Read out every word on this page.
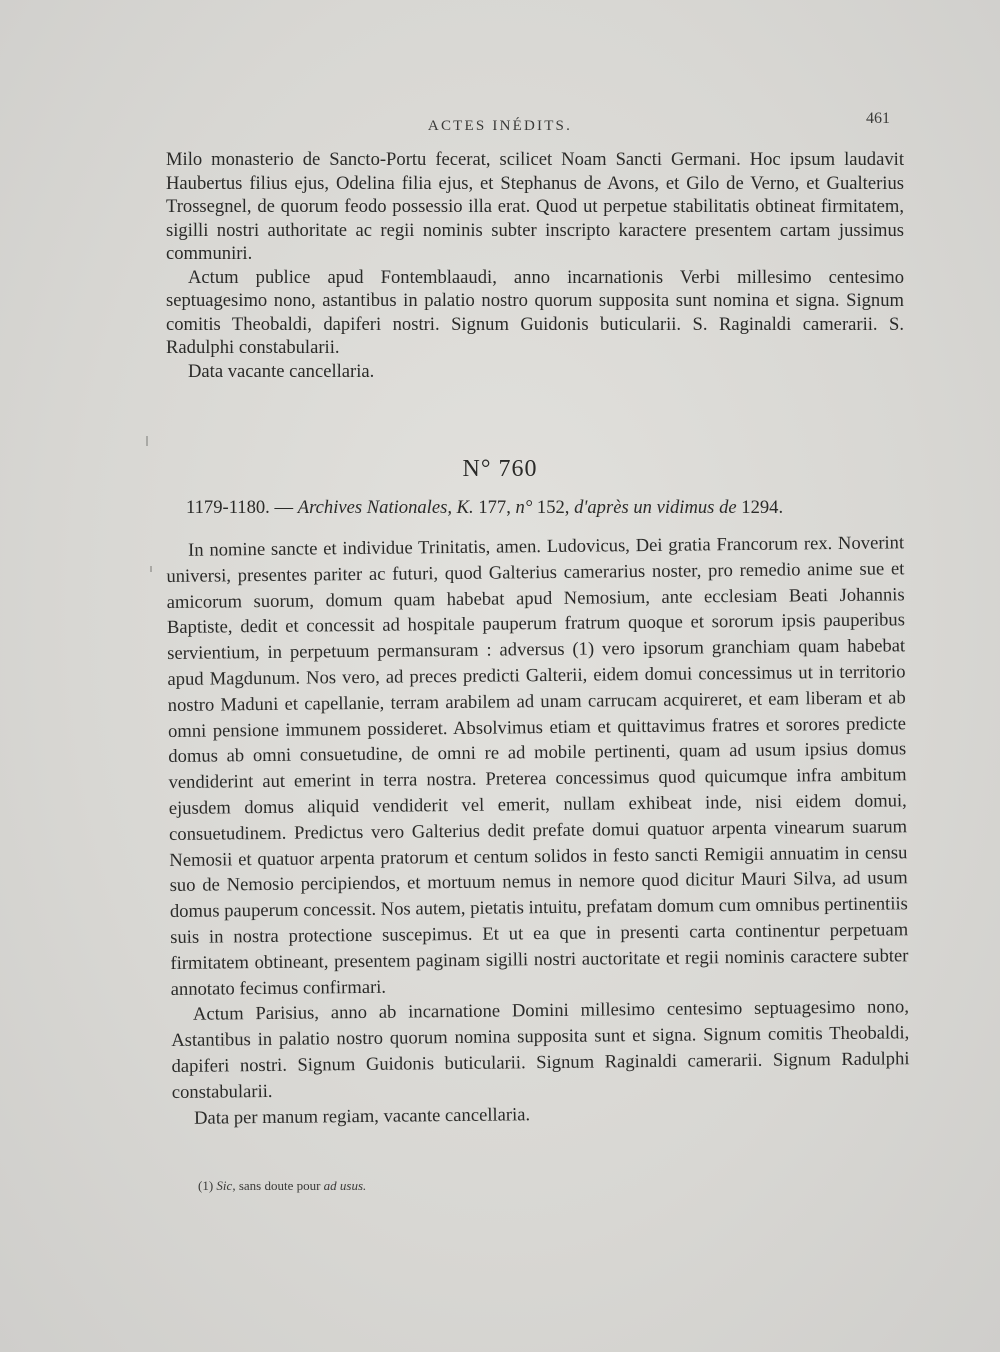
ACTES INÉDITS.	461

Milo monasterio de Sancto-Portu fecerat, scilicet Noam Sancti Germani. Hoc ipsum laudavit Haubertus filius ejus, Odelina filia ejus, et Stephanus de Avons, et Gilo de Verno, et Gualterius Trossegnel, de quorum feodo possessio illa erat. Quod ut perpetue stabilitatis obtineat firmitatem, sigilli nostri authoritate ac regii nominis subter inscripto karactere presentem cartam jussimus communiri.

Actum publice apud Fontemblaaudi, anno incarnationis Verbi millesimo centesimo septuagesimo nono, astantibus in palatio nostro quorum supposita sunt nomina et signa. Signum comitis Theobaldi, dapiferi nostri. Signum Guidonis buticularii. S. Raginaldi camerarii. S. Radulphi constabularii.

Data vacante cancellaria.

N° 760
1179-1180. — Archives Nationales, K. 177, n° 152, d'après un vidimus de 1294.

In nomine sancte et individue Trinitatis, amen. Ludovicus, Dei gratia Francorum rex. Noverint universi, presentes pariter ac futuri, quod Galterius camerarius noster, pro remedio anime sue et amicorum suorum, domum quam habebat apud Nemosium, ante ecclesiam Beati Johannis Baptiste, dedit et concessit ad hospitale pauperum fratrum quoque et sororum ipsis pauperibus servientium, in perpetuum permansuram : adversus (1) vero ipsorum granchiam quam habebat apud Magdunum. Nos vero, ad preces predicti Galterii, eidem domui concessimus ut in territorio nostro Maduni et capellanie, terram arabilem ad unam carrucam acquireret, et eam liberam et ab omni pensione immunem possideret. Absolvimus etiam et quittavimus fratres et sorores predicte domus ab omni consuetudine, de omni re ad mobile pertinenti, quam ad usum ipsius domus vendiderint aut emerint in terra nostra. Preterea concessimus quod quicumque infra ambitum ejusdem domus aliquid vendiderit vel emerit, nullam exhibeat inde, nisi eidem domui, consuetudinem. Predictus vero Galterius dedit prefate domui quatuor arpenta vinearum suarum Nemosii et quatuor arpenta pratorum et centum solidos in festo sancti Remigii annuatim in censu suo de Nemosio percipiendos, et mortuum nemus in nemore quod dicitur Mauri Silva, ad usum domus pauperum concessit. Nos autem, pietatis intuitu, prefatam domum cum omnibus pertinentiis suis in nostra protectione suscepimus. Et ut ea que in presenti carta continentur perpetuam firmitatem obtineant, presentem paginam sigilli nostri auctoritate et regii nominis caractere subter annotato fecimus confirmari.

Actum Parisius, anno ab incarnatione Domini millesimo centesimo septuagesimo nono, Astantibus in palatio nostro quorum nomina supposita sunt et signa. Signum comitis Theobaldi, dapiferi nostri. Signum Guidonis buticularii. Signum Raginaldi camerarii. Signum Radulphi constabularii.

Data per manum regiam, vacante cancellaria.

(1) Sic, sans doute pour ad usus.
